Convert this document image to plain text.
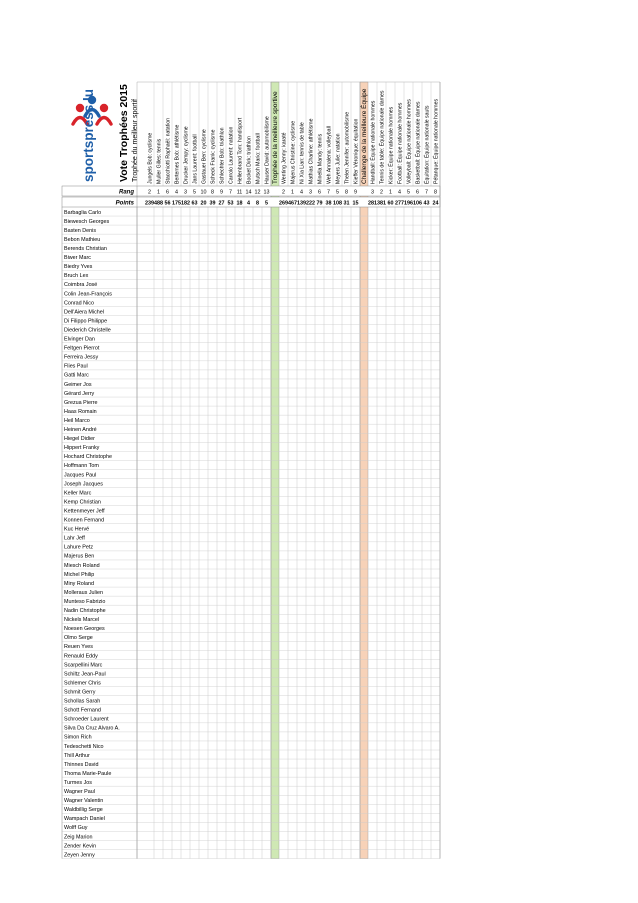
sportspress.lu Vote Trophées 2015 Trophée du meilleur sportif	Trophée de la meilleure sportive	Challenge de la meilleure Équipe
Jungels Bob: cyclisme Muller Gilles: tennis Stacchiotti Raphaël: natation Bertemes Bob: athlétisme Drucker Jempy: cyclisme Jans Laurent: football Gastauer Ben: cyclisme Scheck Frank: cyclisme Schlechter Bob: triathlon Carrolo Laurent: natation Hellenbrand Tom: handisport Bocket Dirk: triathlon Mutsch Mario: football Hauser David: automobilisme Wenting Jenny: karaté Majerus Christine: cyclisme Ni Xia Lian: tennis de table Mathias Charline: athlétisme Minella Mandy: tennis Weh Annalena: volleyball Meyers Julie: natation Thelen Jennifer: automobilisme Kieffer Véronique: équitation Handball: Équipe nationale hommes Tennis de table: Équipe nationale dames Kicker: Équipe nationale hommes Football: Équipe nationale hommes Volleyball: Équipe nationale hommes Basketball: Équipe nationale dames Équitation: Équipe nationale sauts Pétanque: Équipe nationale hommes
Rang	2 1 6 4 3 5 10 8 9 7 11 14 12 13 2 1 4 3 6 7 5 8 9	3 2 1 4 5 6 7 8
Points 239 488 56 175 182 63 20 39 27 53 18 4 8 5 269 467 139 222 79 38 108 31 15 281 381 60 277 196 106 43 24
Barbaglia Carlo
Biewesch Georges
Basten Denis
Bebon Mathieu
Berends Christian
Biwer Marc
Biedry Yves
Bruch Lex
Coimbra José
Colin Jean-François
Conrad Nico
Dell'Aiera Michel
Di Filippo Philippe
Diederich Christelle
Elvinger Dan
Feltgen Pierrot
Ferreira Jessy
Flies Paul
Gatti Marc
Geimer Jos
Gérard Jerry
Grezua Pierre
Haas Romain
Heil Marco
Heinen André
Hiegel Didier
Hippert Franky
Hochard Christophe
Hoffmann Tom
Jacques Paul
Joseph Jacques
Keller Marc
Kemp Christian
Kettenmeyer Jeff
Konnen Fernand
Kuc Hervé
Lahr Jeff
Lahure Petz
Majerus Ben
Miesch Roland
Michel Philip
Miny Roland
Molleraus Julien
Munteso Fabrizio
Nadin Christophe
Nickels Marcel
Noesen Georges
Olmo Serge
Reuen Yves
Renauld Eddy
Scarpellini Marc
Schiltz Jean-Paul
Schlemer Chris
Schmit Gerry
Schollas Sarah
Schott Fernand
Schroeder Laurent
Silva Da Cruz Alvaro A.
Simon Rich
Tedeschetti Nico
Thill Arthur
Thinnes David
Thoma Marie-Paule
Turmes Jos
Wagner Paul
Wagner Valentin
Waldbillig Serge
Wampach Daniel
Wolff Guy
Zeig Marion
Zender Kevin
Zeyen Jenny
